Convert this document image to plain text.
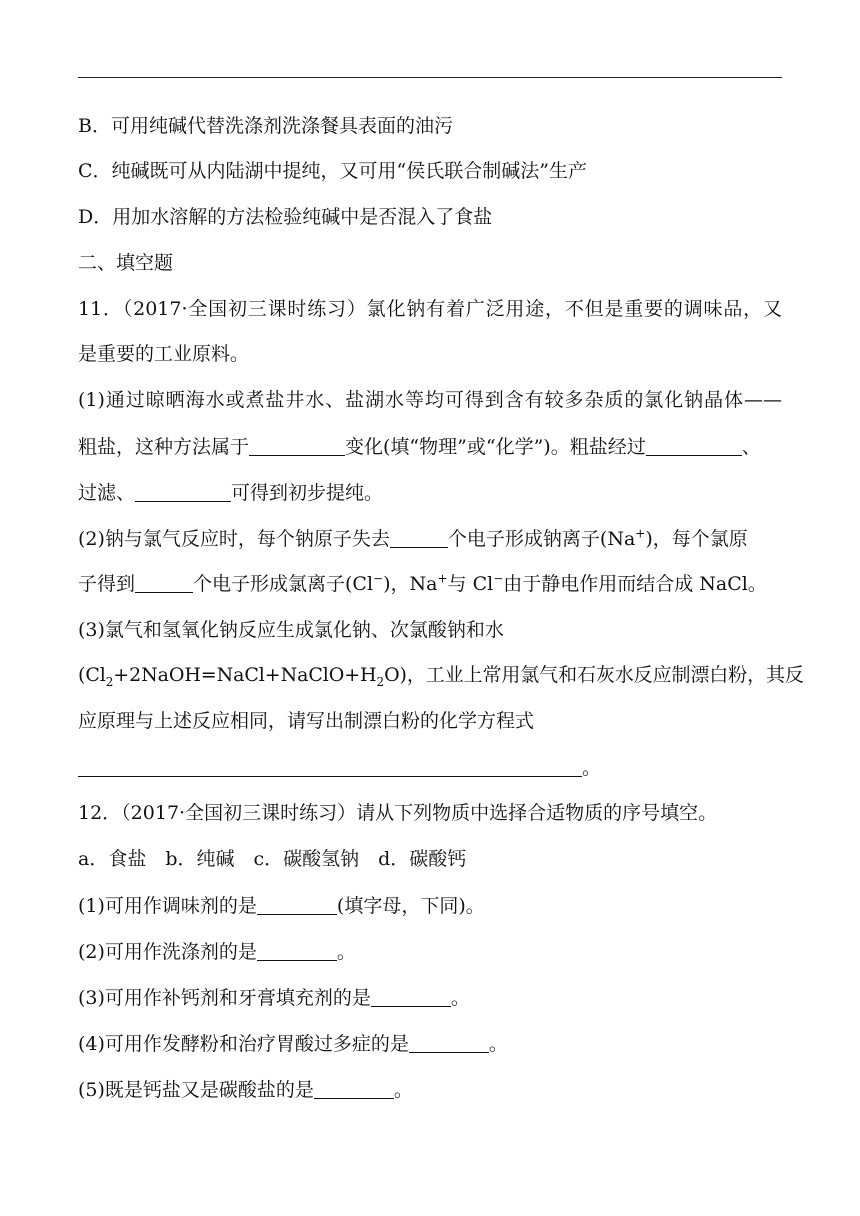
B．可用纯碱代替洗涤剂洗涤餐具表面的油污
C．纯碱既可从内陆湖中提纯，又可用“侯氏联合制碱法”生产
D．用加水溶解的方法检验纯碱中是否混入了食盐
二、填空题
11．（2017·全国初三课时练习）氯化钠有着广泛用途，不但是重要的调味品，又
是重要的工业原料。
(1)通过晾晒海水或煮盐井水、盐湖水等均可得到含有较多杂质的氯化钠晶体——
粗盐，这种方法属于	变化(填“物理”或“化学”)。粗盐经过	、
过滤、	可得到初步提纯。
(2)钠与氯气反应时，每个钠原子失去	个电子形成钠离子(Na+)，每个氯原
子得到	个电子形成氯离子(Cl−)，Na+与 Cl−由于静电作用而结合成 NaCl。
(3)氯气和氢氧化钠反应生成氯化钠、次氯酸钠和水
$(Cl_2+2NaOH=NaCl+NaClO+H_2O)$，工业上常用氯气和石灰水反应制漂白粉，其反
应原理与上述反应相同，请写出制漂白粉的化学方程式
。
12．（2017·全国初三课时练习）请从下列物质中选择合适物质的序号填空。
a．食盐　b．纯碱　c．碳酸氢钠　d．碳酸钙
(1)可用作调味剂的是	(填字母，下同)。
(2)可用作洗涤剂的是	。
(3)可用作补钙剂和牙膏填充剂的是	。
(4)可用作发酵粉和治疗胃酸过多症的是	。
(5)既是钙盐又是碳酸盐的是	。
